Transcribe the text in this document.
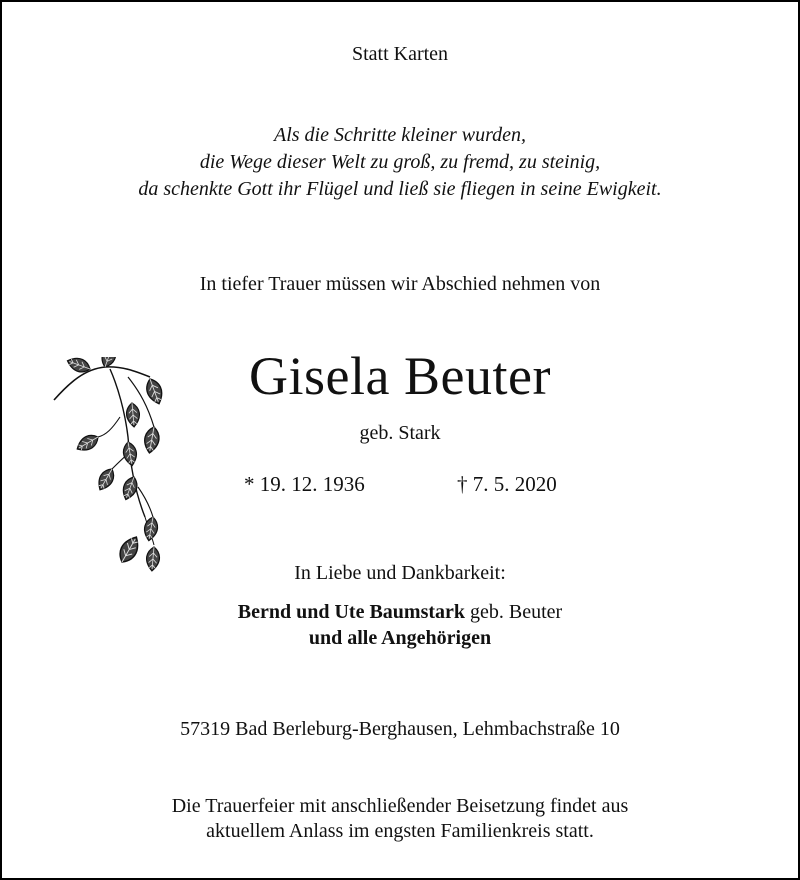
Statt Karten
Als die Schritte kleiner wurden,
die Wege dieser Welt zu groß, zu fremd, zu steinig,
da schenkte Gott ihr Flügel und ließ sie fliegen in seine Ewigkeit.
In tiefer Trauer müssen wir Abschied nehmen von
Gisela Beuter
geb. Stark
* 19. 12. 1936	† 7. 5. 2020
In Liebe und Dankbarkeit:
Bernd und Ute Baumstark geb. Beuter
und alle Angehörigen
57319 Bad Berleburg-Berghausen, Lehmbachstraße 10
Die Trauerfeier mit anschließender Beisetzung findet aus
aktuellem Anlass im engsten Familienkreis statt.
